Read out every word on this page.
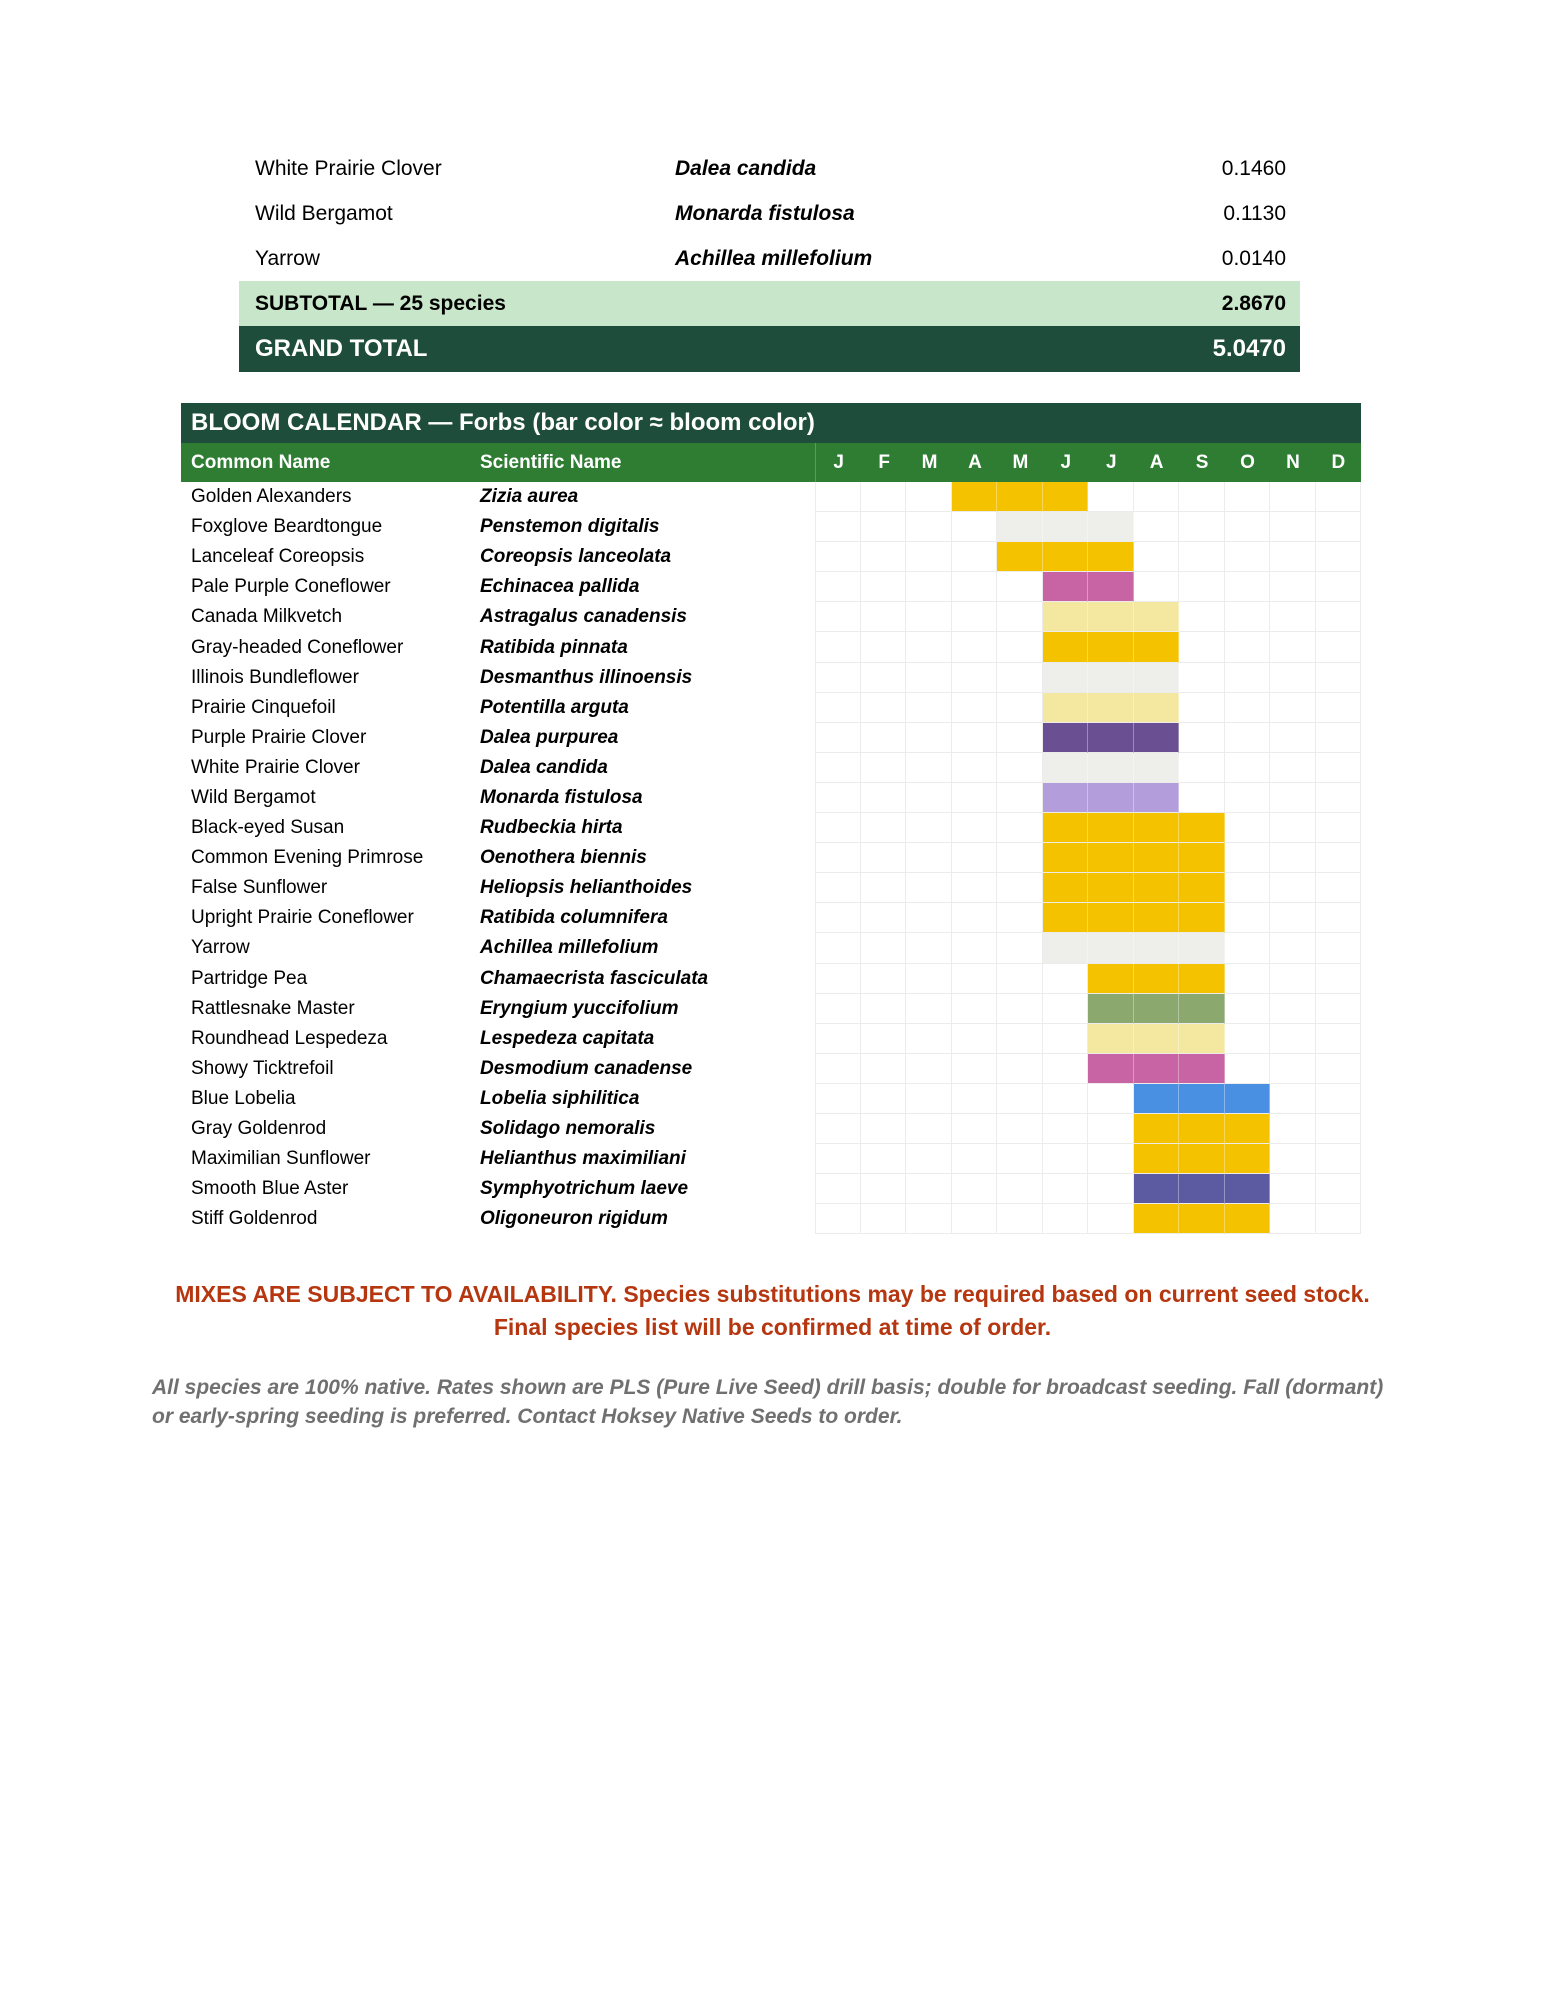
White Prairie Clover	Dalea candida	0.1460
Wild Bergamot	Monarda fistulosa	0.1130
Yarrow	Achillea millefolium	0.0140
SUBTOTAL — 25 species	2.8670
GRAND TOTAL	5.0470
BLOOM CALENDAR — Forbs (bar color ≈ bloom color)
Common Name	Scientific Name	J	F	M	A	M	J	J	A	S	O	N	D
Golden Alexanders	Zizia aurea
Foxglove Beardtongue	Penstemon digitalis
Lanceleaf Coreopsis	Coreopsis lanceolata
Pale Purple Coneflower	Echinacea pallida
Canada Milkvetch	Astragalus canadensis
Gray-headed Coneflower	Ratibida pinnata
Illinois Bundleflower	Desmanthus illinoensis
Prairie Cinquefoil	Potentilla arguta
Purple Prairie Clover	Dalea purpurea
White Prairie Clover	Dalea candida
Wild Bergamot	Monarda fistulosa
Black-eyed Susan	Rudbeckia hirta
Common Evening Primrose	Oenothera biennis
False Sunflower	Heliopsis helianthoides
Upright Prairie Coneflower	Ratibida columnifera
Yarrow	Achillea millefolium
Partridge Pea	Chamaecrista fasciculata
Rattlesnake Master	Eryngium yuccifolium
Roundhead Lespedeza	Lespedeza capitata
Showy Ticktrefoil	Desmodium canadense
Blue Lobelia	Lobelia siphilitica
Gray Goldenrod	Solidago nemoralis
Maximilian Sunflower	Helianthus maximiliani
Smooth Blue Aster	Symphyotrichum laeve
Stiff Goldenrod	Oligoneuron rigidum
MIXES ARE SUBJECT TO AVAILABILITY. Species substitutions may be required based on current seed stock. Final species list will be confirmed at time of order.
All species are 100% native. Rates shown are PLS (Pure Live Seed) drill basis; double for broadcast seeding. Fall (dormant) or early-spring seeding is preferred. Contact Hoksey Native Seeds to order.
